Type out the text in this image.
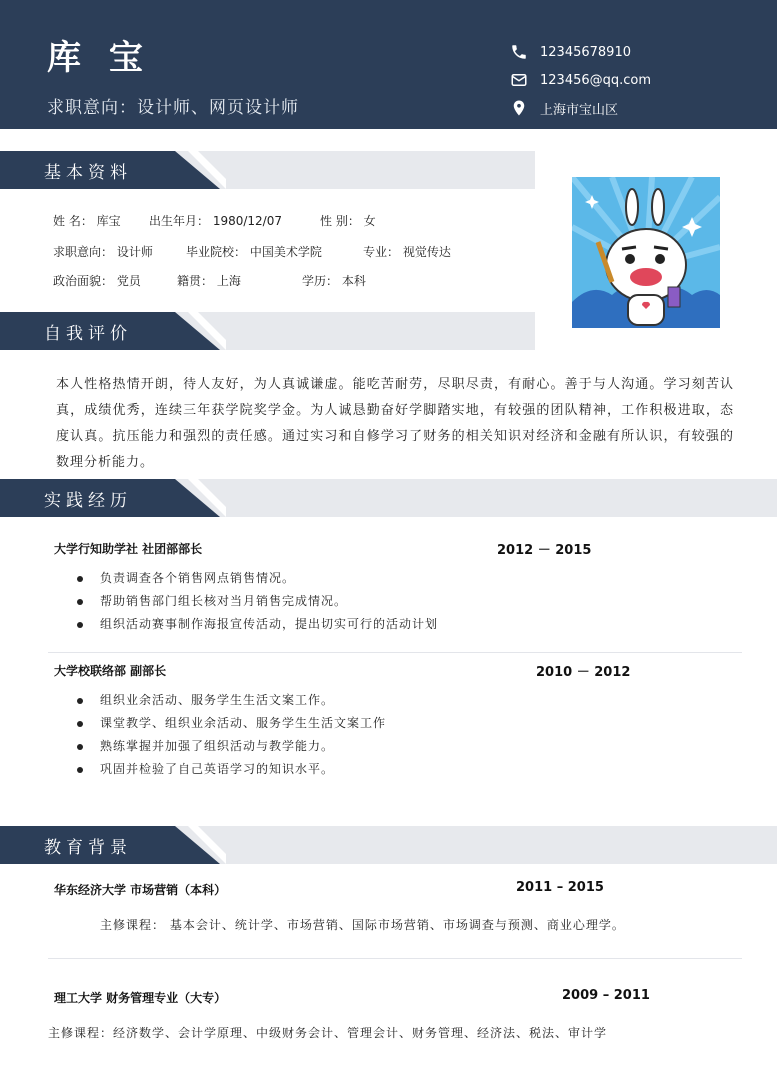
库 宝
求职意向：设计师、网页设计师
12345678910
123456@qq.com
上海市宝山区
基本资料
姓 名： 库宝 出生年月： 1980/12/07	性 别： 女
求职意向： 设计师	毕业院校： 中国美术学院	专业： 视觉传达
政治面貌： 党员	籍贯： 上海	学历： 本科
自我评价
本人性格热情开朗，待人友好，为人真诚谦虚。能吃苦耐劳，尽职尽责，有耐心。善于与人沟通。学习刻苦认真，成绩优秀，连续三年获学院奖学金。为人诚恳勤奋好学脚踏实地，有较强的团队精神，工作积极进取，态度认真。抗压能力和强烈的责任感。通过实习和自修学习了财务的相关知识对经济和金融有所认识，有较强的数理分析能力。
实践经历
大学行知助学社 社团部部长	2012 － 2015
负责调查各个销售网点销售情况。
帮助销售部门组长核对当月销售完成情况。
组织活动赛事制作海报宣传活动，提出切实可行的活动计划
大学校联络部 副部长	2010 － 2012
组织业余活动、服务学生生活文案工作。
课堂教学、组织业余活动、服务学生生活文案工作
熟练掌握并加强了组织活动与教学能力。
巩固并检验了自己英语学习的知识水平。
教育背景
华东经济大学 市场营销（本科）	2011 – 2015
主修课程： 基本会计、统计学、市场营销、国际市场营销、市场调查与预测、商业心理学。
理工大学 财务管理专业（大专）	2009 – 2011
主修课程：经济数学、会计学原理、中级财务会计、管理会计、财务管理、经济法、税法、审计学
